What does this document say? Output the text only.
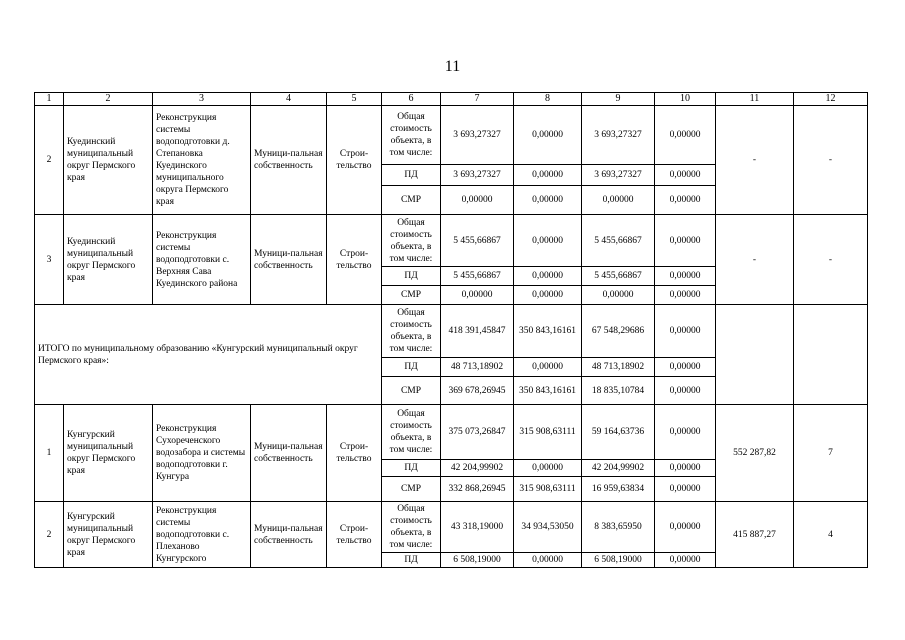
11
1	2	3	4	5	6	7	8	9	10	11	12
2	Куединский муниципальный округ Пермского края	Реконструкция системы водоподготовки д. Степановка Куединского муниципального округа Пермского края	Муници-пальная собственность	Строи-тельство	Общая стоимость объекта, в том числе:	3 693,27327	0,00000	3 693,27327	0,00000	-	-
					ПД	3 693,27327	0,00000	3 693,27327	0,00000		
					СМР	0,00000	0,00000	0,00000	0,00000		
3	Куединский муниципальный округ Пермского края	Реконструкция системы водоподготовки с. Верхняя Сава Куединского района	Муници-пальная собственность	Строи-тельство	Общая стоимость объекта, в том числе:	5 455,66867	0,00000	5 455,66867	0,00000	-	-
					ПД	5 455,66867	0,00000	5 455,66867	0,00000		
					СМР	0,00000	0,00000	0,00000	0,00000		
ИТОГО по муниципальному образованию «Кунгурский муниципальный округ Пермского края»:					Общая стоимость объекта, в том числе:	418 391,45847	350 843,16161	67 548,29686	0,00000		
					ПД	48 713,18902	0,00000	48 713,18902	0,00000		
					СМР	369 678,26945	350 843,16161	18 835,10784	0,00000		
1	Кунгурский муниципальный округ Пермского края	Реконструкция Сухореченского водозабора и системы водоподготовки г. Кунгура	Муници-пальная собственность	Строи-тельство	Общая стоимость объекта, в том числе:	375 073,26847	315 908,63111	59 164,63736	0,00000	552 287,82	7
					ПД	42 204,99902	0,00000	42 204,99902	0,00000		
					СМР	332 868,26945	315 908,63111	16 959,63834	0,00000		
2	Кунгурский муниципальный округ Пермского края	Реконструкция системы водоподготовки с. Плеханово Кунгурского	Муници-пальная собственность	Строи-тельство	Общая стоимость объекта, в том числе:	43 318,19000	34 934,53050	8 383,65950	0,00000	415 887,27	4
					ПД	6 508,19000	0,00000	6 508,19000	0,00000		
